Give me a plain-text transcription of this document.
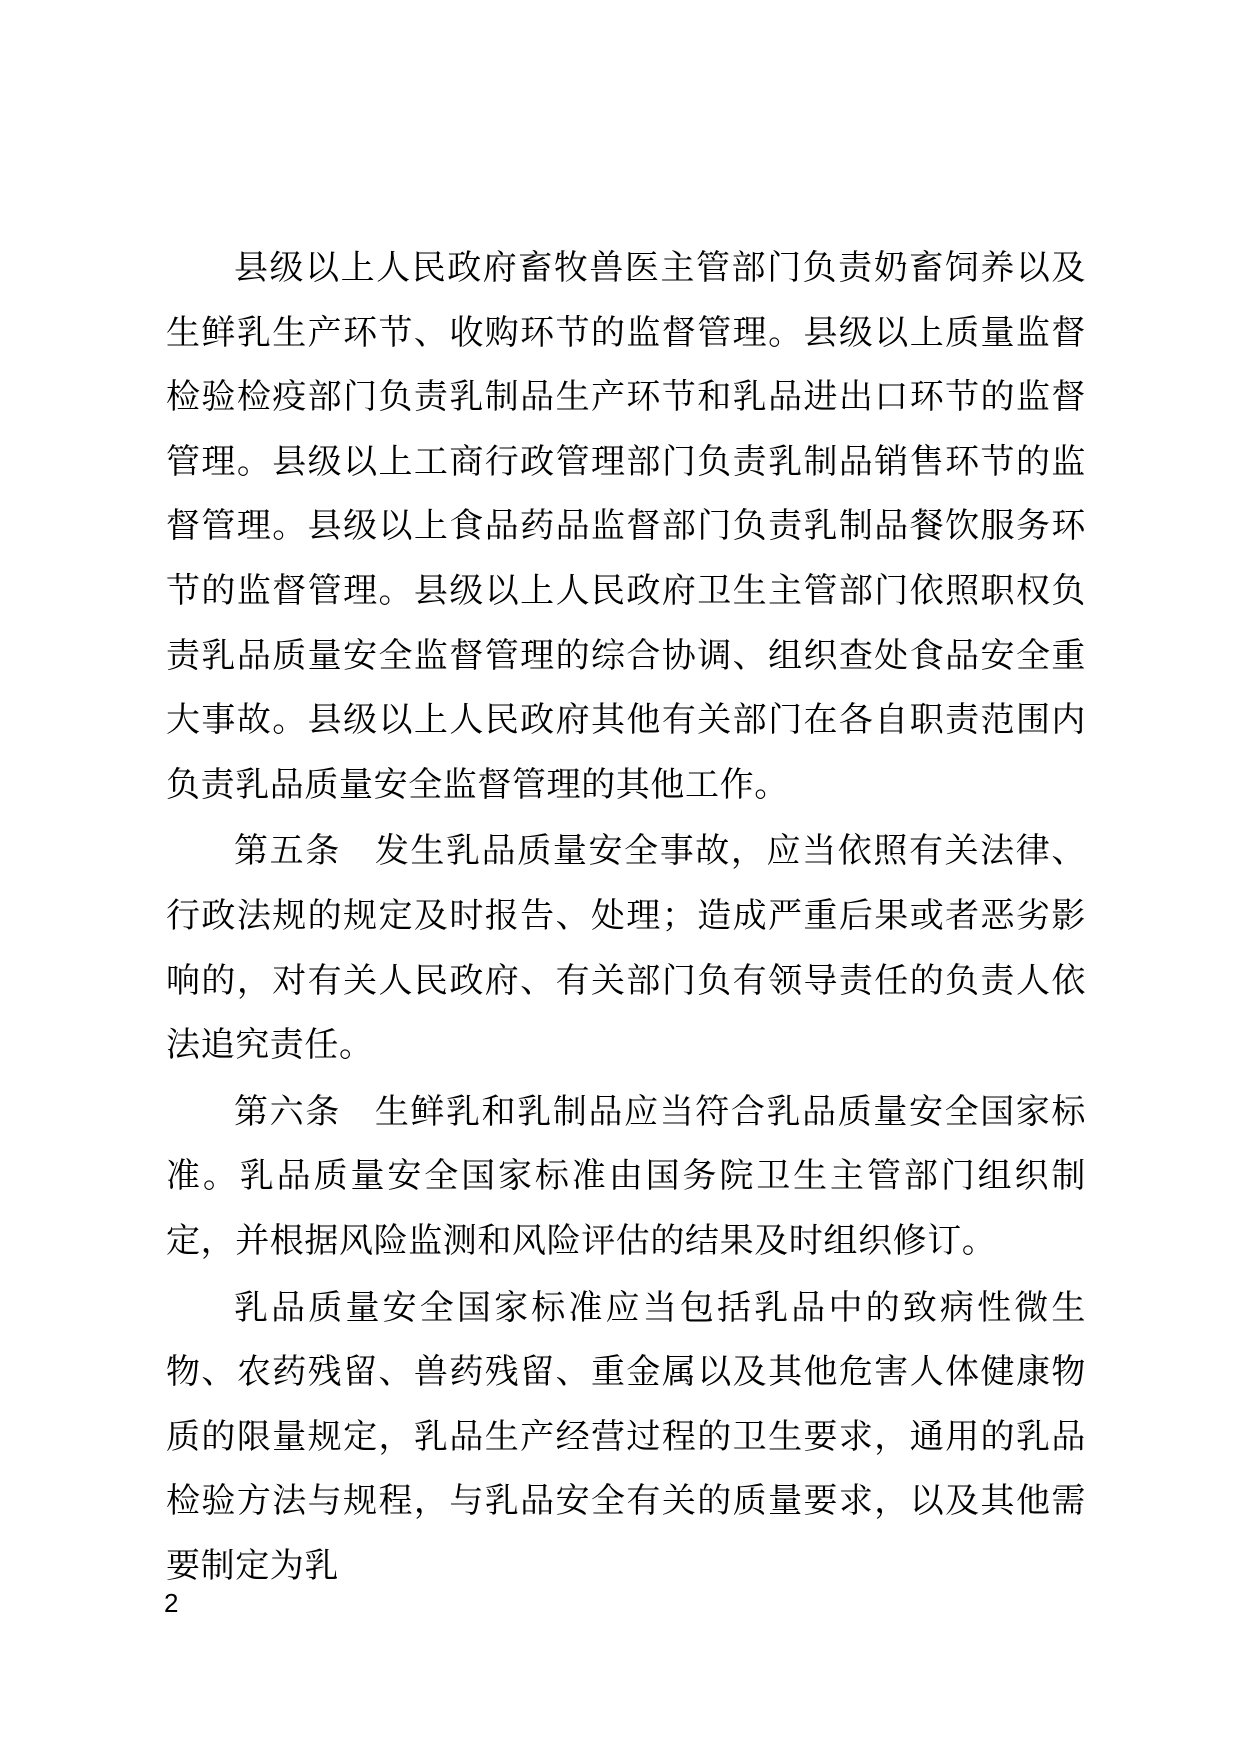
县级以上人民政府畜牧兽医主管部门负责奶畜饲养以及生鲜乳生产环节、收购环节的监督管理。县级以上质量监督检验检疫部门负责乳制品生产环节和乳品进出口环节的监督管理。县级以上工商行政管理部门负责乳制品销售环节的监督管理。县级以上食品药品监督部门负责乳制品餐饮服务环节的监督管理。县级以上人民政府卫生主管部门依照职权负责乳品质量安全监督管理的综合协调、组织查处食品安全重大事故。县级以上人民政府其他有关部门在各自职责范围内负责乳品质量安全监督管理的其他工作。

第五条 发生乳品质量安全事故，应当依照有关法律、行政法规的规定及时报告、处理；造成严重后果或者恶劣影响的，对有关人民政府、有关部门负有领导责任的负责人依法追究责任。

第六条 生鲜乳和乳制品应当符合乳品质量安全国家标准。乳品质量安全国家标准由国务院卫生主管部门组织制定，并根据风险监测和风险评估的结果及时组织修订。

乳品质量安全国家标准应当包括乳品中的致病性微生物、农药残留、兽药残留、重金属以及其他危害人体健康物质的限量规定，乳品生产经营过程的卫生要求，通用的乳品检验方法与规程，与乳品安全有关的质量要求，以及其他需要制定为乳

2
